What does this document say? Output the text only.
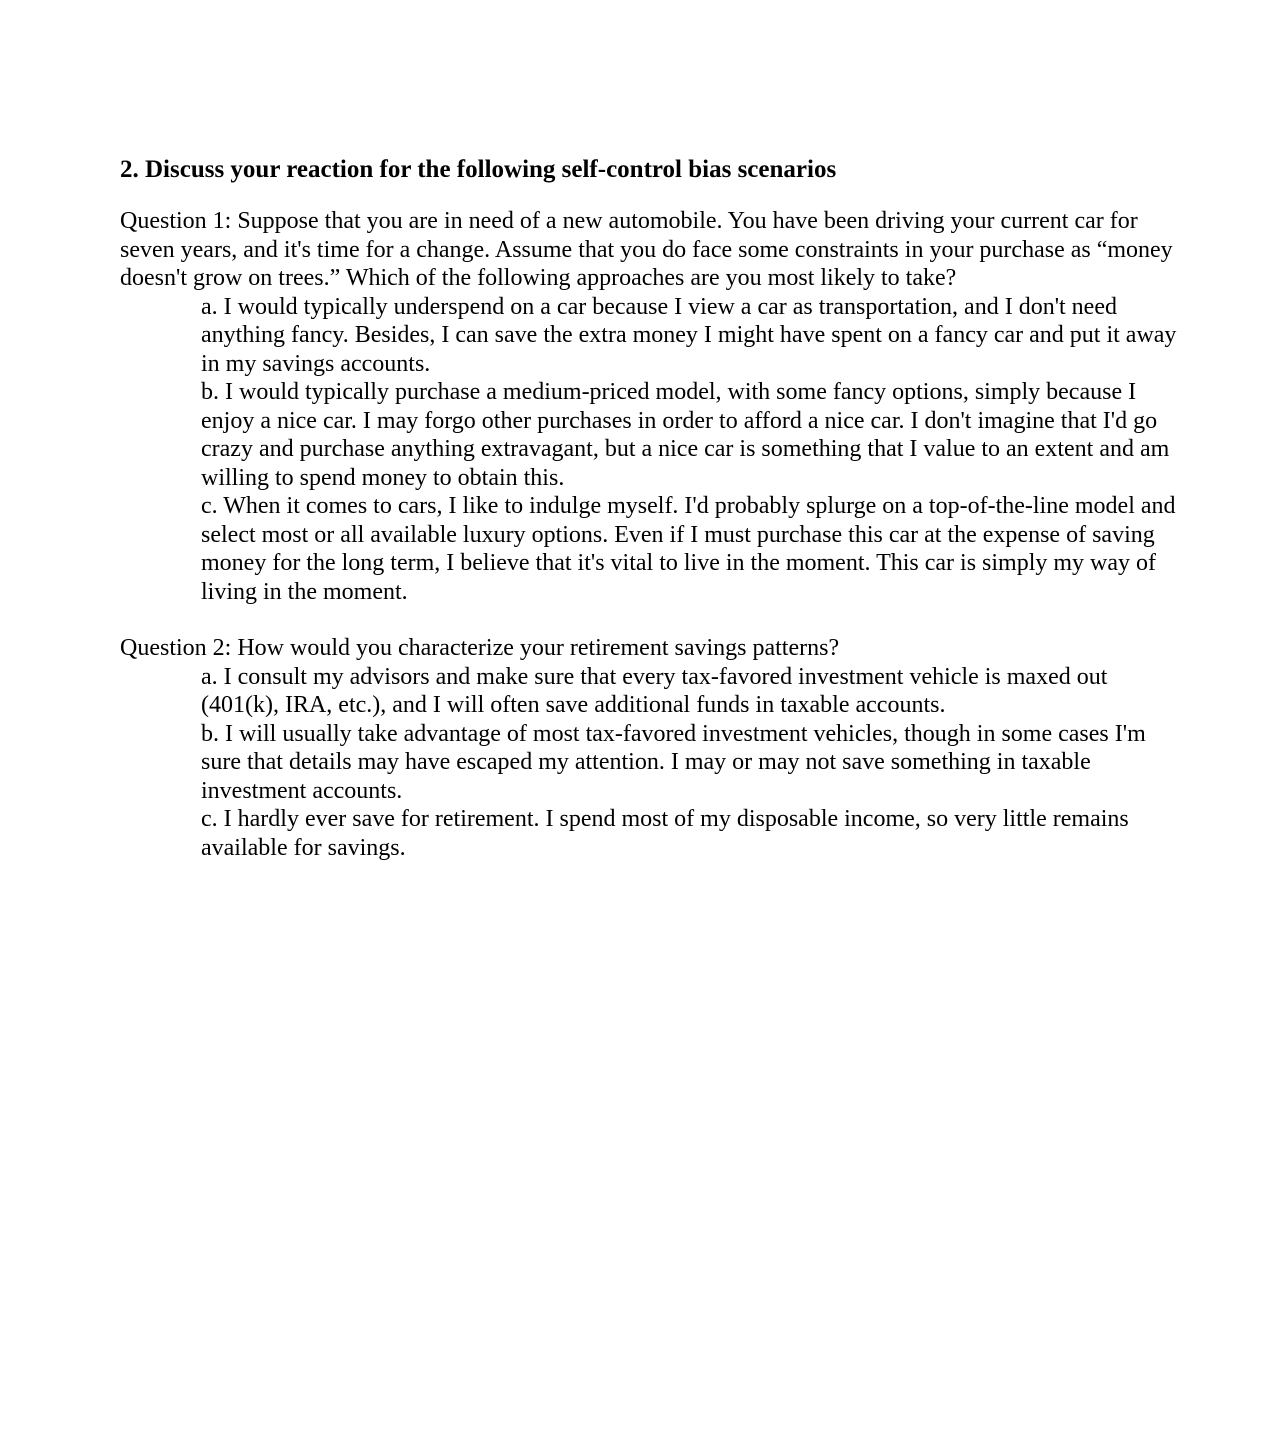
2. Discuss your reaction for the following self-control bias scenarios

Question 1: Suppose that you are in need of a new automobile. You have been driving your current car for seven years, and it's time for a change. Assume that you do face some constraints in your purchase as “money doesn't grow on trees.” Which of the following approaches are you most likely to take?

a. I would typically underspend on a car because I view a car as transportation, and I don't need anything fancy. Besides, I can save the extra money I might have spent on a fancy car and put it away in my savings accounts.
b. I would typically purchase a medium-priced model, with some fancy options, simply because I enjoy a nice car. I may forgo other purchases in order to afford a nice car. I don't imagine that I'd go crazy and purchase anything extravagant, but a nice car is something that I value to an extent and am willing to spend money to obtain this.
c. When it comes to cars, I like to indulge myself. I'd probably splurge on a top-of-the-line model and select most or all available luxury options. Even if I must purchase this car at the expense of saving money for the long term, I believe that it's vital to live in the moment. This car is simply my way of living in the moment.

Question 2: How would you characterize your retirement savings patterns?

a. I consult my advisors and make sure that every tax-favored investment vehicle is maxed out (401(k), IRA, etc.), and I will often save additional funds in taxable accounts.
b. I will usually take advantage of most tax-favored investment vehicles, though in some cases I'm sure that details may have escaped my attention. I may or may not save something in taxable investment accounts.
c. I hardly ever save for retirement. I spend most of my disposable income, so very little remains available for savings.
